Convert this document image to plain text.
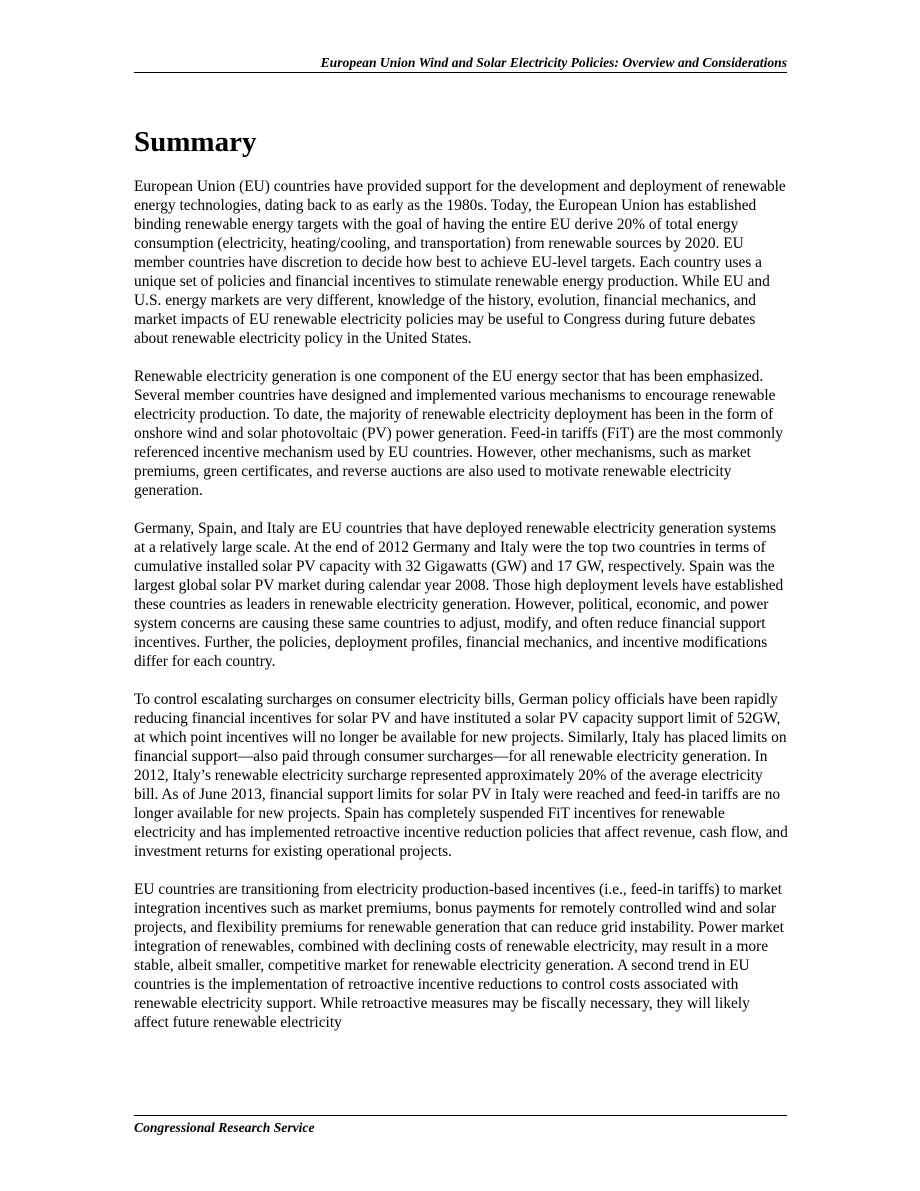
European Union Wind and Solar Electricity Policies: Overview and Considerations
Summary

European Union (EU) countries have provided support for the development and deployment of renewable energy technologies, dating back to as early as the 1980s. Today, the European Union has established binding renewable energy targets with the goal of having the entire EU derive 20% of total energy consumption (electricity, heating/cooling, and transportation) from renewable sources by 2020. EU member countries have discretion to decide how best to achieve EU-level targets. Each country uses a unique set of policies and financial incentives to stimulate renewable energy production. While EU and U.S. energy markets are very different, knowledge of the history, evolution, financial mechanics, and market impacts of EU renewable electricity policies may be useful to Congress during future debates about renewable electricity policy in the United States.

Renewable electricity generation is one component of the EU energy sector that has been emphasized. Several member countries have designed and implemented various mechanisms to encourage renewable electricity production. To date, the majority of renewable electricity deployment has been in the form of onshore wind and solar photovoltaic (PV) power generation. Feed-in tariffs (FiT) are the most commonly referenced incentive mechanism used by EU countries. However, other mechanisms, such as market premiums, green certificates, and reverse auctions are also used to motivate renewable electricity generation.

Germany, Spain, and Italy are EU countries that have deployed renewable electricity generation systems at a relatively large scale. At the end of 2012 Germany and Italy were the top two countries in terms of cumulative installed solar PV capacity with 32 Gigawatts (GW) and 17 GW, respectively. Spain was the largest global solar PV market during calendar year 2008. Those high deployment levels have established these countries as leaders in renewable electricity generation. However, political, economic, and power system concerns are causing these same countries to adjust, modify, and often reduce financial support incentives. Further, the policies, deployment profiles, financial mechanics, and incentive modifications differ for each country.

To control escalating surcharges on consumer electricity bills, German policy officials have been rapidly reducing financial incentives for solar PV and have instituted a solar PV capacity support limit of 52GW, at which point incentives will no longer be available for new projects. Similarly, Italy has placed limits on financial support—also paid through consumer surcharges—for all renewable electricity generation. In 2012, Italy’s renewable electricity surcharge represented approximately 20% of the average electricity bill. As of June 2013, financial support limits for solar PV in Italy were reached and feed-in tariffs are no longer available for new projects. Spain has completely suspended FiT incentives for renewable electricity and has implemented retroactive incentive reduction policies that affect revenue, cash flow, and investment returns for existing operational projects.

EU countries are transitioning from electricity production-based incentives (i.e., feed-in tariffs) to market integration incentives such as market premiums, bonus payments for remotely controlled wind and solar projects, and flexibility premiums for renewable generation that can reduce grid instability. Power market integration of renewables, combined with declining costs of renewable electricity, may result in a more stable, albeit smaller, competitive market for renewable electricity generation. A second trend in EU countries is the implementation of retroactive incentive reductions to control costs associated with renewable electricity support. While retroactive measures may be fiscally necessary, they will likely affect future renewable electricity

Congressional Research Service
